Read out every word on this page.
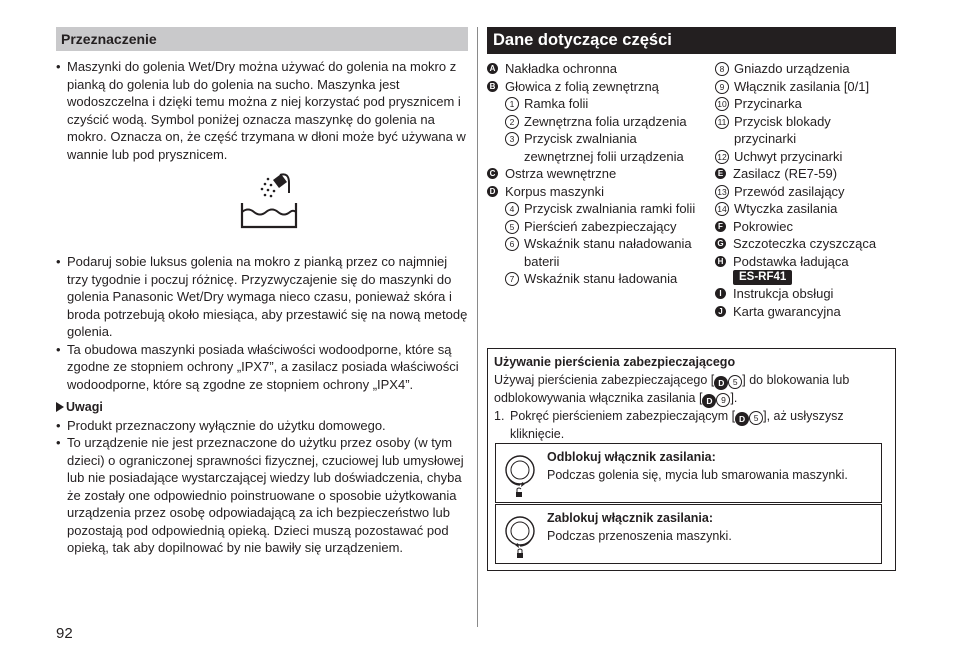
Przeznaczenie

• Maszynki do golenia Wet/Dry można używać do golenia na mokro z pianką do golenia lub do golenia na sucho. Maszynka jest wodoszczelna i dzięki temu można z niej korzystać pod prysznicem i czyścić wodą. Symbol poniżej oznacza maszynkę do golenia na mokro. Oznacza on, że część trzymana w dłoni może być używana w wannie lub pod prysznicem.

• Podaruj sobie luksus golenia na mokro z pianką przez co najmniej trzy tygodnie i poczuj różnicę. Przyzwyczajenie się do maszynki do golenia Panasonic Wet/Dry wymaga nieco czasu, ponieważ skóra i broda potrzebują około miesiąca, aby przestawić się na nową metodę golenia.

• Ta obudowa maszynki posiada właściwości wodoodporne, które są zgodne ze stopniem ochrony „IPX7”, a zasilacz posiada właściwości wodoodporne, które są zgodne ze stopniem ochrony „IPX4”.

Uwagi

• Produkt przeznaczony wyłącznie do użytku domowego.

• To urządzenie nie jest przeznaczone do użytku przez osoby (w tym dzieci) o ograniczonej sprawności fizycznej, czuciowej lub umysłowej lub nie posiadające wystarczającej wiedzy lub doświadczenia, chyba że zostały one odpowiednio poinstruowane o sposobie użytkowania urządzenia przez osobę odpowiadającą za ich bezpieczeństwo lub pozostają pod odpowiednią opieką. Dzieci muszą pozostawać pod opieką, tak aby dopilnować by nie bawiły się urządzeniem.

Dane dotyczące części
A Nakładka ochronna
B Głowica z folią zewnętrzną
1 Ramka folii
2 Zewnętrzna folia urządzenia
3 Przycisk zwalniania zewnętrznej folii urządzenia
C Ostrza wewnętrzne
D Korpus maszynki
4 Przycisk zwalniania ramki folii
5 Pierścień zabezpieczający
6 Wskaźnik stanu naładowania baterii
7 Wskaźnik stanu ładowania
8 Gniazdo urządzenia
9 Włącznik zasilania [0/1]
10 Przycinarka
11 Przycisk blokady przycinarki
12 Uchwyt przycinarki
E Zasilacz (RE7-59)
13 Przewód zasilający
14 Wtyczka zasilania
F Pokrowiec
G Szczoteczka czyszcząca
H Podstawka ładująca
ES-RF41
I Instrukcja obsługi
J Karta gwarancyjna
Używanie pierścienia zabezpieczającego
Używaj pierścienia zabezpieczającego [ D 5 ] do blokowania lub odblokowywania włącznika zasilania [ D 9 ].
1. Pokręć pierścieniem zabezpieczającym [ D 5 ], aż usłyszysz kliknięcie.
Odblokuj włącznik zasilania:
Podczas golenia się, mycia lub smarowania maszynki.
Zablokuj włącznik zasilania:
Podczas przenoszenia maszynki.
92
